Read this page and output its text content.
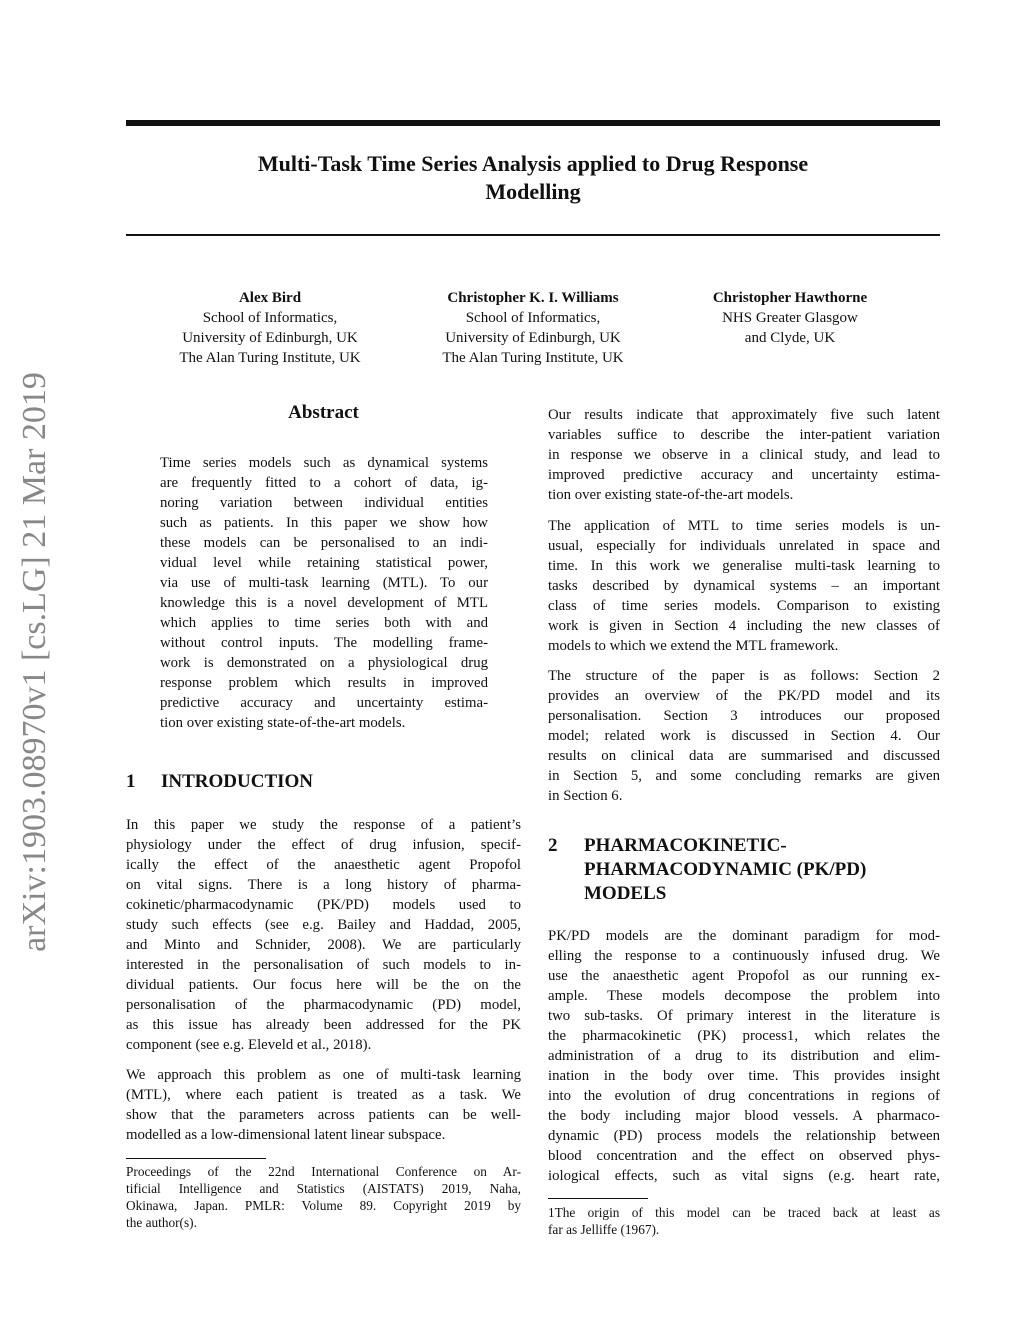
arXiv:1903.08970v1 [cs.LG] 21 Mar 2019
Multi-Task Time Series Analysis applied to Drug Response
Modelling
Alex Bird
School of Informatics,
University of Edinburgh, UK
The Alan Turing Institute, UK
Christopher K. I. Williams
School of Informatics,
University of Edinburgh, UK
The Alan Turing Institute, UK
Christopher Hawthorne
NHS Greater Glasgow
and Clyde, UK
Abstract
Time series models such as dynamical systems
are frequently fitted to a cohort of data, ig-
noring variation between individual entities
such as patients. In this paper we show how
these models can be personalised to an indi-
vidual level while retaining statistical power,
via use of multi-task learning (MTL). To our
knowledge this is a novel development of MTL
which applies to time series both with and
without control inputs. The modelling frame-
work is demonstrated on a physiological drug
response problem which results in improved
predictive accuracy and uncertainty estima-
tion over existing state-of-the-art models.
1 INTRODUCTION
In this paper we study the response of a patient’s
physiology under the effect of drug infusion, specif-
ically the effect of the anaesthetic agent Propofol
on vital signs. There is a long history of pharma-
cokinetic/pharmacodynamic (PK/PD) models used to
study such effects (see e.g. Bailey and Haddad, 2005,
and Minto and Schnider, 2008). We are particularly
interested in the personalisation of such models to in-
dividual patients. Our focus here will be the on the
personalisation of the pharmacodynamic (PD) model,
as this issue has already been addressed for the PK
component (see e.g. Eleveld et al., 2018).
We approach this problem as one of multi-task learning
(MTL), where each patient is treated as a task. We
show that the parameters across patients can be well-
modelled as a low-dimensional latent linear subspace.
Proceedings of the 22nd International Conference on Ar-
tificial Intelligence and Statistics (AISTATS) 2019, Naha,
Okinawa, Japan. PMLR: Volume 89. Copyright 2019 by
the author(s).
Our results indicate that approximately five such latent
variables suffice to describe the inter-patient variation
in response we observe in a clinical study, and lead to
improved predictive accuracy and uncertainty estima-
tion over existing state-of-the-art models.
The application of MTL to time series models is un-
usual, especially for individuals unrelated in space and
time. In this work we generalise multi-task learning to
tasks described by dynamical systems – an important
class of time series models. Comparison to existing
work is given in Section 4 including the new classes of
models to which we extend the MTL framework.
The structure of the paper is as follows: Section 2
provides an overview of the PK/PD model and its
personalisation. Section 3 introduces our proposed
model; related work is discussed in Section 4. Our
results on clinical data are summarised and discussed
in Section 5, and some concluding remarks are given
in Section 6.
2	PHARMACOKINETIC-
PHARMACODYNAMIC (PK/PD)
MODELS
PK/PD models are the dominant paradigm for mod-
elling the response to a continuously infused drug. We
use the anaesthetic agent Propofol as our running ex-
ample. These models decompose the problem into
two sub-tasks. Of primary interest in the literature is
the pharmacokinetic (PK) process1, which relates the
administration of a drug to its distribution and elim-
ination in the body over time. This provides insight
into the evolution of drug concentrations in regions of
the body including major blood vessels. A pharmaco-
dynamic (PD) process models the relationship between
blood concentration and the effect on observed phys-
iological effects, such as vital signs (e.g. heart rate,
1The origin of this model can be traced back at least as
far as Jelliffe (1967).
